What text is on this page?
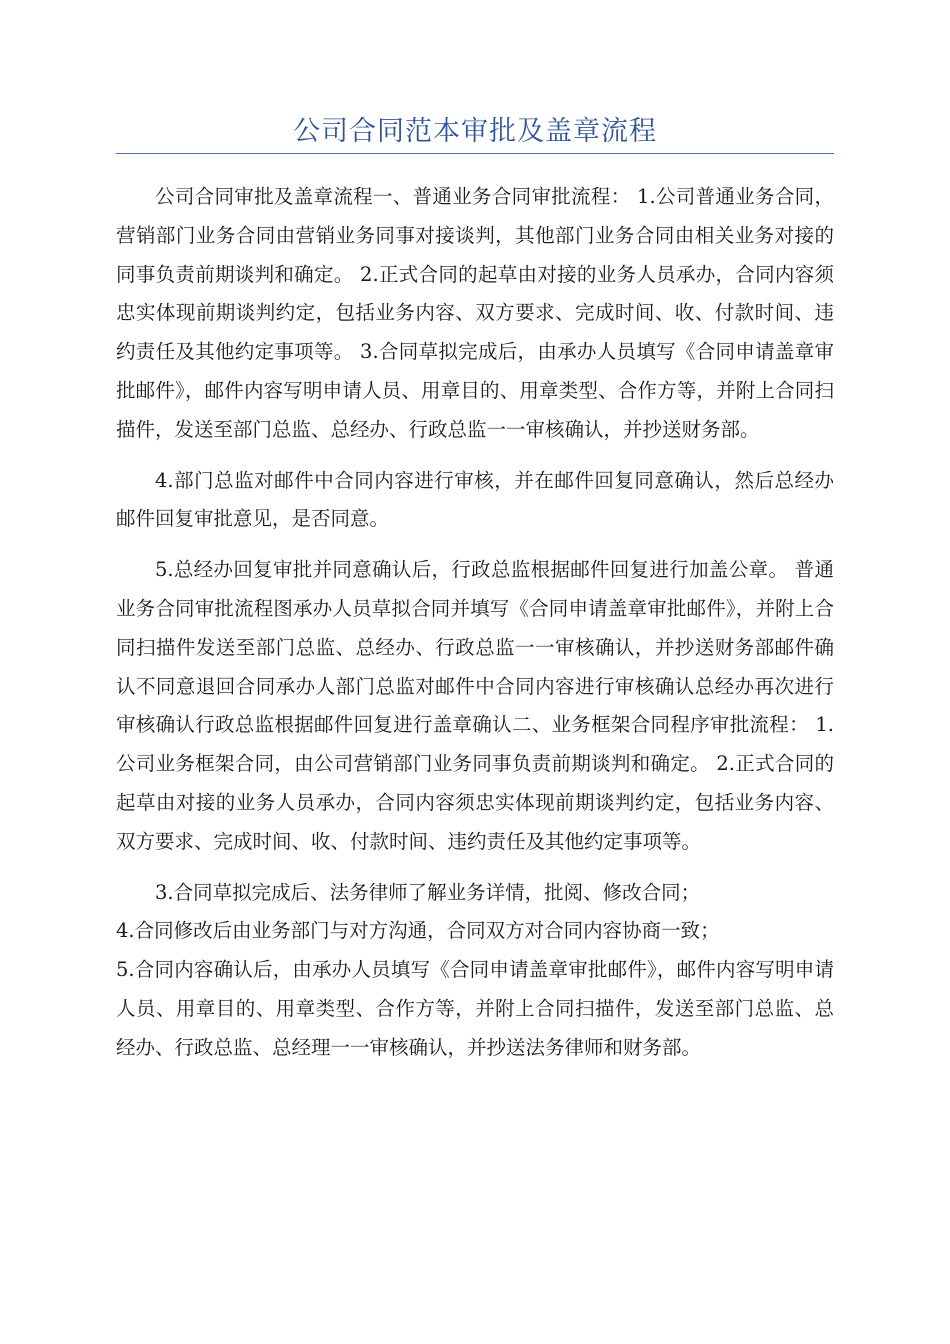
公司合同范本审批及盖章流程

公司合同审批及盖章流程一、普通业务合同审批流程： 1.公司普通业务合同，营销部门业务合同由营销业务同事对接谈判，其他部门业务合同由相关业务对接的同事负责前期谈判和确定。 2.正式合同的起草由对接的业务人员承办，合同内容须忠实体现前期谈判约定，包括业务内容、双方要求、完成时间、收、付款时间、违约责任及其他约定事项等。 3.合同草拟完成后，由承办人员填写《合同申请盖章审批邮件》，邮件内容写明申请人员、用章目的、用章类型、合作方等，并附上合同扫描件，发送至部门总监、总经办、行政总监一一审核确认，并抄送财务部。

4.部门总监对邮件中合同内容进行审核，并在邮件回复同意确认，然后总经办邮件回复审批意见，是否同意。

5.总经办回复审批并同意确认后，行政总监根据邮件回复进行加盖公章。 普通业务合同审批流程图承办人员草拟合同并填写《合同申请盖章审批邮件》，并附上合同扫描件发送至部门总监、总经办、行政总监一一审核确认，并抄送财务部邮件确认不同意退回合同承办人部门总监对邮件中合同内容进行审核确认总经办再次进行审核确认行政总监根据邮件回复进行盖章确认二、业务框架合同程序审批流程： 1.公司业务框架合同，由公司营销部门业务同事负责前期谈判和确定。 2.正式合同的起草由对接的业务人员承办，合同内容须忠实体现前期谈判约定，包括业务内容、双方要求、完成时间、收、付款时间、违约责任及其他约定事项等。

3.合同草拟完成后、法务律师了解业务详情，批阅、修改合同；

4.合同修改后由业务部门与对方沟通，合同双方对合同内容协商一致；

5.合同内容确认后，由承办人员填写《合同申请盖章审批邮件》，邮件内容写明申请人员、用章目的、用章类型、合作方等，并附上合同扫描件，发送至部门总监、总经办、行政总监、总经理一一审核确认，并抄送法务律师和财务部。
